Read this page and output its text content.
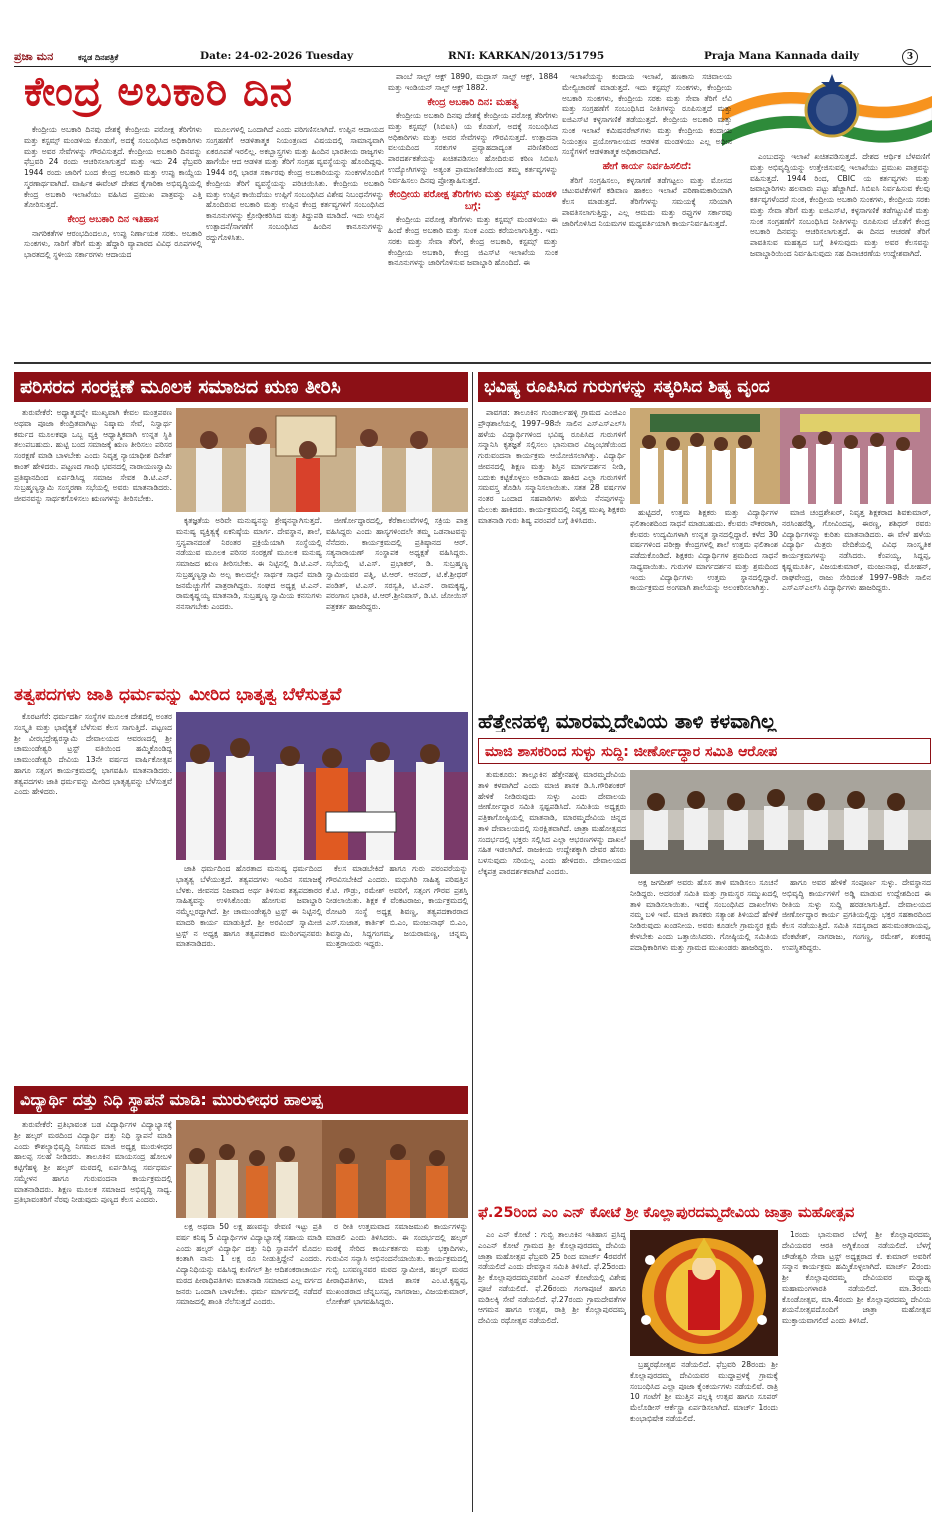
ಪ್ರಜಾ ಮನ	ಕನ್ನಡ ದಿನಪತ್ರಿಕೆ	Date: 24-02-2026 Tuesday	RNI: KARKAN/2013/51795	Praja Mana Kannada daily	3
ಕೇಂದ್ರ ಅಬಕಾರಿ ದಿನ

ಕೇಂದ್ರೀಯ ಅಬಕಾರಿ ದಿನವು ದೇಶಕ್ಕೆ ಕೇಂದ್ರೀಯ ಪರೋಕ್ಷ ತೆರಿಗೆಗಳು ಮತ್ತು ಕಸ್ಟಮ್ಸ್ ಮಂಡಳಿಯ ಕೊಡುಗೆ, ಅದಕ್ಕೆ ಸಂಬಂಧಿಸಿದ ಅಧಿಕಾರಿಗಳು ಮತ್ತು ಅವರ ಸೇವೆಗಳನ್ನು ಗೌರವಿಸುತ್ತದೆ. ಕೇಂದ್ರೀಯ ಅಬಕಾರಿ ದಿನವನ್ನು ಫೆಬ್ರವರಿ 24 ರಂದು ಆಚರಿಸಲಾಗುತ್ತದೆ ಮತ್ತು ಇದು 24 ಫೆಬ್ರವರಿ 1944 ರಂದು ಜಾರಿಗೆ ಬಂದ ಕೇಂದ್ರ ಅಬಕಾರಿ ಮತ್ತು ಉಪ್ಪು ಕಾಯ್ದೆಯ ಸ್ಮರಣಾರ್ಥವಾಗಿದೆ. ವಾರ್ಷಿಕ ಈವೆಂಟ್ ದೇಶದ ಕೈಗಾರಿಕಾ ಅಭಿವೃದ್ಧಿಯಲ್ಲಿ ಕೇಂದ್ರ ಅಬಕಾರಿ ಇಲಾಖೆಯು ವಹಿಸಿದ ಪ್ರಮುಖ ಪಾತ್ರವನ್ನು ಎತ್ತಿ ತೋರಿಸುತ್ತದೆ.

ಕೇಂದ್ರ ಅಬಕಾರಿ ದಿನ ಇತಿಹಾಸ

ನಾಗರಿಕತೆಗಳ ಆರಂಭದಿಂದಲೂ, ಉಪ್ಪು ನಿರ್ಣಾಯಕ ಸರಕು. ಅಬಕಾರಿ ಸುಂಕಗಳು, ಸಾರಿಗೆ ತೆರಿಗೆ ಮತ್ತು ಹೆದ್ದಾರಿ ವ್ಯಾಪಾರದ ವಿವಿಧ ರೂಪಗಳಲ್ಲಿ ಭಾರತದಲ್ಲಿ ಸ್ಥಳೀಯ ಸರ್ಕಾರಗಳು ಆದಾಯದ

ಮೂಲಗಳಲ್ಲಿ ಒಂದಾಗಿದೆ ಎಂದು ಪರಿಗಣಿಸಲಾಗಿದೆ. ಉಪ್ಪಿನ ಆದಾಯದ ಸಂಗ್ರಹಣೆಗೆ ಆಡಳಿತಾತ್ಮಕ ನಿಯಂತ್ರಣದ ವಿಷಯದಲ್ಲಿ ಸಾಮಾನ್ಯವಾಗಿ ಏಕರೂಪತೆ ಇರಲಿಲ್ಲ. ಅಕಬ್ಬಾಸ್ತ್ರಗಳು ಮತ್ತು ಹಿಂದಿನ ಭಾರತೀಯ ರಾಜ್ಯಗಳು ಹಾಗೆಯೇ ಆದ ಆಡಳಿತ ಮತ್ತು ತೆರಿಗೆ ಸಂಗ್ರಹ ವ್ಯವಸ್ಥೆಯನ್ನು ಹೊಂದಿದ್ದವು. 1944 ರಲ್ಲಿ ಭಾರತ ಸರ್ಕಾರವು ಕೇಂದ್ರ ಅಬಕಾರಿಯನ್ನು ಸುಂಕಗಳೊಂದಿಗೆ ಕೇಂದ್ರೀಯ ತೆರಿಗೆ ವ್ಯವಸ್ಥೆಯನ್ನು ಪರಿಚಯಿಸಿತು. ಕೇಂದ್ರೀಯ ಅಬಕಾರಿ ಮತ್ತು ಉಪ್ಪಿನ ಕಾಯಿದೆಯು ಉಪ್ಪಿಗೆ ಸಂಬಂಧಿಸಿದ ವಿಶೇಷ ನಿಬಂಧನೆಗಳನ್ನು ಹೊಂದಿರುವ ಅಬಕಾರಿ ಮತ್ತು ಉಪ್ಪಿನ ಕೇಂದ್ರ ಕರ್ತವ್ಯಗಳಿಗೆ ಸಂಬಂಧಿಸಿದ ಕಾನೂನುಗಳನ್ನು ಕ್ರೋಢೀಕರಿಸಿದ ಮತ್ತು ತಿದ್ದುಪಡಿ ಮಾಡಿದೆ. ಇದು ಉಪ್ಪಿನ ಉತ್ಪಾದನೆ/ಸಾಗಣೆಗೆ ಸಂಬಂಧಿಸಿದ ಹಿಂದಿನ ಕಾನೂನುಗಳನ್ನು ರದ್ದುಗೊಳಿಸಿತು.

ಪಾಂಬೆ ಸಾಲ್ಟ್ ಆಕ್ಟ್ 1890, ಮದ್ರಾಸ್ ಸಾಲ್ಟ್ ಆಕ್ಟ್, 1884 ಮತ್ತು ಇಂಡಿಯನ್ ಸಾಲ್ಟ್ ಆಕ್ಟ್ 1882.

ಕೇಂದ್ರ ಅಬಕಾರಿ ದಿನ: ಮಹತ್ವ

ಕೇಂದ್ರೀಯ ಅಬಕಾರಿ ದಿನವು ದೇಶಕ್ಕೆ ಕೇಂದ್ರೀಯ ಪರೋಕ್ಷ ತೆರಿಗೆಗಳು ಮತ್ತು ಕಸ್ಟಮ್ಸ್ (ಸಿಬಿಐಸಿ) ಯ ಕೊಡುಗೆ, ಅದಕ್ಕೆ ಸಂಬಂಧಿಸಿದ ಅಧಿಕಾರಿಗಳು ಮತ್ತು ಅವರ ಸೇವೆಗಳನ್ನು ಗೌರವಿಸುತ್ತದೆ. ಉತ್ಪಾದನಾ ವಲಯದಿಂದ ಸರಕುಗಳ ಪ್ರವ್ಯಾಹದಾದ್ಯಂತ ಪರಿಣಿತರಿಂದ ಪಾರದರ್ಶಕತೆಯನ್ನು ಖಚಿತಪಡಿಸಲು ಹೋದಿರುವ ಕಠಿಣ ಸಿಬಿಐಸಿ ಉದ್ಯೋಗಿಗಳನ್ನು ಅತ್ಯಂತ ಪ್ರಾಮಾಣಿಕತೆಯಿಂದ ತಮ್ಮ ಕರ್ತವ್ಯಗಳನ್ನು ನಿರ್ವಹಿಸಲು ದಿನವು ಪ್ರೋತ್ಸಾಹಿಸುತ್ತದೆ.

ಕೇಂದ್ರೀಯ ಪರೋಕ್ಷ ತೆರಿಗೆಗಳು ಮತ್ತು ಕಸ್ಟಮ್ಸ್ ಮಂಡಳಿ ಬಗ್ಗೆ:

ಕೇಂದ್ರೀಯ ಪರೋಕ್ಷ ತೆರಿಗೆಗಳು ಮತ್ತು ಕಸ್ಟಮ್ಸ್ ಮಂಡಳಿಯು ಈ ಹಿಂದೆ ಕೇಂದ್ರ ಅಬಕಾರಿ ಮತ್ತು ಸುಂಕ ಎಂದು ಕರೆಯಲಾಗುತ್ತಿತ್ತು. ಇದು ಸರಕು ಮತ್ತು ಸೇವಾ ತೆರಿಗೆ, ಕೇಂದ್ರ ಅಬಕಾರಿ, ಕಸ್ಟಮ್ಸ್ ಮತ್ತು ಕೇಂದ್ರೀಯ ಅಬಕಾರಿ, ಕೇಂದ್ರ ಜಿಎಸ್‌ಟಿ ಇಲಾಖೆಯ ಸುಂಕ ಕಾನೂನುಗಳನ್ನು ಜಾರಿಗೊಳಿಸುವ ಜವಾಬ್ದಾರಿ ಹೊಂದಿದೆ. ಈ

ಇಲಾಖೆಯನ್ನು ಕಂದಾಯ ಇಲಾಖೆ, ಹಣಕಾಸು ಸಚಿವಾಲಯ ಮೇಲ್ವಿಚಾರಣೆ ಮಾಡುತ್ತದೆ. ಇದು ಕಸ್ಟಮ್ಸ್ ಸುಂಕಗಳು, ಕೇಂದ್ರೀಯ ಅಬಕಾರಿ ಸುಂಕಗಳು, ಕೇಂದ್ರೀಯ ಸರಕು ಮತ್ತು ಸೇವಾ ತೆರಿಗೆ ಲೆವಿ ಮತ್ತು ಸಂಗ್ರಹಣೆಗೆ ಸಂಬಂಧಿಸಿದ ನೀತಿಗಳನ್ನು ರೂಪಿಸುತ್ತದೆ ಮತ್ತು ಐಜಿಎಸ್‌ಟಿ ಕಳ್ಳಸಾಗಣಿಕೆ ತಡೆಯುತ್ತದೆ. ಕೇಂದ್ರೀಯ ಅಬಕಾರಿ ಮತ್ತು ಸುಂಕ ಇಲಾಖೆ ಕಮಿಷನರೇಟ್‌ಗಳು ಮತ್ತು ಕೇಂದ್ರೀಯ ಕಂದಾಯ ನಿಯಂತ್ರಣ ಪ್ರಯೋಗಾಲಯದ ಆಡಳಿತ ಮಂಡಳಿಯು ಎಲ್ಲ ಅಧೀನ ಸಂಸ್ಥೆಗಳಿಗೆ ಆಡಳಿತಾತ್ಮಕ ಅಧಿಕಾರವಾಗಿದೆ.

ಹೇಗೆ ಕಾರ್ಯ ನಿರ್ವಹಿಸಲಿದೆ:

ತೆರಿಗೆ ಸಂಗ್ರಹಿಸಲು, ಕಳ್ಳಸಾಗಣೆ ತಡೆಗಟ್ಟಲು ಮತ್ತು ಮೋಸದ ಚಟುವಟಿಕೆಗಳಿಗೆ ಕಡಿವಾಣ ಹಾಕಲು ಇಲಾಖೆ ಪರಿಣಾಮಕಾರಿಯಾಗಿ ಕೆಲಸ ಮಾಡುತ್ತದೆ. ತೆರಿಗೆಗಳನ್ನು ಸಮಯಕ್ಕೆ ಸರಿಯಾಗಿ ಪಾವತಿಸಲಾಗುತ್ತಿದ್ದು, ಎಲ್ಲ ಆಮದು ಮತ್ತು ರಫ್ತುಗಳ ಸರ್ಕಾರವು ಜಾರಿಗೊಳಿಸಿದ ನಿಯಮಗಳ ಮಧ್ಯವರ್ತಿಯಾಗಿ ಕಾರ್ಯನಿರ್ವಹಿಸುತ್ತದೆ.

ಎಂಬುದನ್ನು ಇಲಾಖೆ ಖಚಿತಪಡಿಸುತ್ತದೆ. ದೇಶದ ಆರ್ಥಿಕ ಬೆಳವಣಿಗೆ ಮತ್ತು ಅಭಿವೃದ್ಧಿಯನ್ನು ಉತ್ತೇಜಿಸುವಲ್ಲಿ ಇಲಾಖೆಯು ಪ್ರಮುಖ ಪಾತ್ರವನ್ನು ವಹಿಸುತ್ತದೆ. 1944 ರಿಂದ, CBIC ಯ ಕರ್ತವ್ಯಗಳು ಮತ್ತು ಜವಾಬ್ದಾರಿಗಳು ಹಲವಾರು ಪಟ್ಟು ಹೆಚ್ಚಾಗಿದೆ. ಸಿಬಿಐಸಿ ನಿರ್ವಹಿಸುವ ಕೆಲವು ಕರ್ತವ್ಯಗಳೆಂದರೆ ಸುಂಕ, ಕೇಂದ್ರೀಯ ಅಬಕಾರಿ ಸುಂಕಗಳು, ಕೇಂದ್ರೀಯ ಸರಕು ಮತ್ತು ಸೇವಾ ತೆರಿಗೆ ಮತ್ತು ಐಜಿಎಸ್‌ಟಿ, ಕಳ್ಳಸಾಗಣಿಕೆ ತಡೆಗಟ್ಟುವಿಕೆ ಮತ್ತು ಸುಂಕ ಸಂಗ್ರಹಣೆಗೆ ಸಂಬಂಧಿಸಿದ ನೀತಿಗಳನ್ನು ರೂಪಿಸುವ ಜೊತೆಗೆ ಕೇಂದ್ರ ಅಬಕಾರಿ ದಿನವನ್ನು ಆಚರಿಸಲಾಗುತ್ತದೆ. ಈ ದಿನದ ಆಚರಣೆ ತೆರಿಗೆ ಪಾವತಿಸುವ ಮಹತ್ವದ ಬಗ್ಗೆ ತಿಳಿಸುವುದು ಮತ್ತು ಅವರ ಕೆಲಸವನ್ನು ಜವಾಬ್ದಾರಿಯಿಂದ ನಿರ್ವಹಿಸುವುದು ಸಹ ದಿನಾಚರಣೆಯ ಉದ್ದೇಶವಾಗಿದೆ.

ಪರಿಸರದ ಸಂರಕ್ಷಣೆ ಮೂಲಕ ಸಮಾಜದ ಋಣ ತೀರಿಸಿ

ತುರುವೇಕೆರೆ: ಅಧ್ಯಾತ್ಮವನ್ನೇ ಮುಖ್ಯವಾಗಿ ಕೇವಲ ಮಂತ್ರಪಠಣ ಅಥವಾ ಪೂಜಾ ಕೇಂದ್ರಿತವಾಗಿಟ್ಟು ನಿಷ್ಕಾಮ ಸೇವೆ, ನಿಸ್ವಾರ್ಥ ಕರ್ಮದ ಮೂಲಕವೂ ಒಬ್ಬ ವ್ಯಕ್ತಿ ಆಧ್ಯಾತ್ಮಿಕವಾಗಿ ಉನ್ನತ ಸ್ಥಿತಿ ತಲುಪಬಹುದು. ಹುಟ್ಟಿ ಬಂದ ಸಮಾಜಕ್ಕೆ ಋಣ ತೀರಿಸಲು ಪರಿಸರ ಸಂರಕ್ಷಣೆ ಮಾಡಿ ಬಾಳಬೇಕು ಎಂದು ನಿವೃತ್ತ ನ್ಯಾಯಾಧೀಶ ದಿನೇಶ್ ಕಾಂತ್ ಹೇಳಿದರು. ಪಟ್ಟಣದ ಗಾಂಧಿ ಭವನದಲ್ಲಿ ನಾರಾಯಣಸ್ವಾಮಿ ಪ್ರತಿಷ್ಠಾನದಿಂದ ಏರ್ಪಡಿಸಿದ್ದ ಸಮಾಜ ಸೇವಕ ಡಿ.ಟಿ.ಎನ್. ಸುಬ್ರಹ್ಮಣ್ಯಸ್ವಾಮಿ ಸಂಸ್ಮರಣಾ ಸಭೆಯಲ್ಲಿ ಅವರು ಮಾತನಾಡಿದರು. ಜೀವನವನ್ನು ಸಾರ್ಥಕಗೊಳಿಸಲು ಋಣಗಳನ್ನು ತೀರಿಸಬೇಕು.

ಕೃತಜ್ಞತೆಯ ಅರಿವೇ ಮನುಷ್ಯನನ್ನು ಶ್ರೇಷ್ಠನನ್ನಾಗಿಸುತ್ತದೆ. ಮನುಷ್ಯ ವ್ಯಕ್ತಿತ್ವಕ್ಕೆ ಏಕನಿಷ್ಠೆಯ ಮಾರ್ಗ. ದೇವಸ್ಥಾನ, ಶಾಲೆ, ಸ್ತನ್ಯಪಾನದಂತೆ ನಿರಂತರ ಪ್ರಕ್ರಿಯೆಯಾಗಿ ಸಂಸ್ಥೆಯಲ್ಲಿ ನಡೆಯುವ ಮೂಲಕ ಪರಿಸರ ಸಂರಕ್ಷಣೆ ಮೂಲಕ ಮನುಷ್ಯ ಸಮಾಜದ ಋಣ ತೀರಿಸಬೇಕು. ಈ ನಿಟ್ಟಿನಲ್ಲಿ ಡಿ.ಟಿ.ಎನ್. ಸುಬ್ರಹ್ಮಣ್ಯಸ್ವಾಮಿ ಅಲ್ಪ ಕಾಲದಲ್ಲೇ ಸಾರ್ಥಕ ಸಾಧನೆ ಮಾಡಿ ಜನಮೆಚ್ಚುಗೆಗೆ ಪಾತ್ರರಾಗಿದ್ದರು. ಸಂಘದ ಅಧ್ಯಕ್ಷ ಟಿ.ಎನ್. ರಾಮಕೃಷ್ಣಯ್ಯ ಮಾತನಾಡಿ, ಸುಬ್ರಹ್ಮಣ್ಯ ಸ್ವಾಮಿಯ ಕನಸುಗಳು ನನಸಾಗಬೇಕು ಎಂದರು.

ಜೀರ್ಣೋದ್ಧಾರದಲ್ಲಿ, ಕೆರೆಕಾಲುವೆಗಳಲ್ಲಿ ಸಕ್ರಿಯ ಪಾತ್ರ ವಹಿಸಿದ್ದರು ಎಂದು ಹಾಸ್ಯಗಳಿಂದಲೇ ತಮ್ಮ ಒಡನಾಟವನ್ನು ನೆನೆದರು. ಕಾರ್ಯಕ್ರಮದಲ್ಲಿ ಪ್ರತಿಷ್ಠಾನದ ಆರ್. ಸತ್ಯನಾರಾಯಣ್ ಸಂಸ್ಥಾಪಕ ಅಧ್ಯಕ್ಷತೆ ವಹಿಸಿದ್ದರು. ಸಭೆಯಲ್ಲಿ ಟಿ.ಎಸ್. ಪ್ರಭಾಕರ್, ಡಿ. ಸುಬ್ರಹ್ಮಣ್ಯ ಸ್ವಾಮಿಯವರ ಪತ್ನಿ, ಟಿ.ಆರ್. ಆನಂದ್, ಟಿ.ಕೆ.ಶ್ರೀಧರ್ ಪಂಡಿತ್, ಟಿ.ಎಸ್. ಸರಸ್ವತಿ, ಟಿ.ಎನ್. ರಾಮಕೃಷ್ಣ, ಪರಂಗಾಸ ಭಾರತಿ, ಟಿ.ಆರ್.ಶ್ರೀನಿವಾಸ್, ಡಿ.ಟಿ. ಜೋಯಿಸ್ ಪತ್ರಕರ್ತ ಹಾಜರಿದ್ದರು.

ತತ್ವಪದಗಳು ಜಾತಿ ಧರ್ಮವನ್ನು ಮೀರಿದ ಭಾತೃತ್ವ ಬೆಳೆಸುತ್ತವೆ

ಕೊರಟಗೆರೆ: ಧರ್ಮದರ್ಶಿ ಸಂಸ್ಥೆಗಳ ಮೂಲಕ ದೇಶದಲ್ಲಿ ಅಂತರ ಸಂಸ್ಕೃತಿ ಮತ್ತು ಭಾವೈಕ್ಯತೆ ಬೆಳೆಸುವ ಕೆಲಸ ಸಾಗುತ್ತಿದೆ. ಪಟ್ಟಣದ ಶ್ರೀ ವೀರಭದ್ರೇಶ್ವರಸ್ವಾಮಿ ದೇವಾಲಯದ ಆವರಣದಲ್ಲಿ ಶ್ರೀ ಚಾಮುಂಡೇಶ್ವರಿ ಟ್ರಸ್ಟ್ ವತಿಯಿಂದ ಹಮ್ಮಿಕೊಂಡಿದ್ದ ಚಾಮುಂಡೇಶ್ವರಿ ದೇವಿಯ 13ನೇ ವರ್ಷದ ವಾರ್ಷಿಕೋತ್ಸವ ಹಾಗೂ ಸತ್ಸಂಗ ಕಾರ್ಯಕ್ರಮದಲ್ಲಿ ಭಾಗವಹಿಸಿ ಮಾತನಾಡಿದರು. ತತ್ವಪದಗಳು ಜಾತಿ ಧರ್ಮವನ್ನು ಮೀರಿದ ಭಾತೃತ್ವವನ್ನು ಬೆಳೆಸುತ್ತವೆ ಎಂದು ಹೇಳಿದರು.

ಜಾತಿ ಧರ್ಮದಿಂದ ಹೊರತಾದ ಮನುಷ್ಯ ಧರ್ಮದಿಂದ ಭಾತೃತ್ವ ಬೆಳೆಯುತ್ತದೆ. ತತ್ವಪದಗಳು ಇಂದಿನ ಸಮಾಜಕ್ಕೆ ಬೆಳಕು. ಜೀವನದ ನಿಜವಾದ ಅರ್ಥ ತಿಳಿಸುವ ತತ್ವಪದಕಾರರ ಸಾಹಿತ್ಯವನ್ನು ಉಳಿಸಿಕೊಂಡು ಹೋಗುವ ಜವಾಬ್ದಾರಿ ನಮ್ಮೆಲ್ಲರದ್ದಾಗಿದೆ. ಶ್ರೀ ಚಾಮುಂಡೇಶ್ವರಿ ಟ್ರಸ್ಟ್ ಈ ನಿಟ್ಟಿನಲ್ಲಿ ಮಾದರಿ ಕಾರ್ಯ ಮಾಡುತ್ತಿದೆ. ಶ್ರೀ ಅರವಿಂದ್‌ ಸ್ವಾಮೀಜಿ ಟ್ರಸ್ಟ್ ನ ಅಧ್ಯಕ್ಷ ಹಾಗೂ ತತ್ವಪದಕಾರ ಮುರಿಂಗಪ್ಪನವರು ಮಾತನಾಡಿದರು.

ಕೆಲಸ ಮಾಡಬೇಕಿದೆ ಹಾಗೂ ಗುರು ಪರಂಪರೆಯನ್ನು ಗೌರವಿಸಬೇಕಿದೆ ಎಂದರು. ಮಧುಗಿರಿ ಸಾಹಿತ್ಯ ಪರಿಷತ್ತಿನ ಕೆ.ಟಿ. ಗೌಡ್ರು, ರಮೇಶ್ ಅವರಿಗೆ, ಸತ್ಸಂಗ ಗೌರವ ಪ್ರಶಸ್ತಿ ನೀಡಲಾಯಿತು. ಶಿಕ್ಷಕ ಕೆ ವೆಂಕಟರಾಜು, ಕಾರ್ಯಕ್ರಮದಲ್ಲಿ ರೋಟರಿ ಸಂಸ್ಥೆ ಅಧ್ಯಕ್ಷ ಶಿವಣ್ಣ, ತತ್ವಪದಕಾರರಾದ ಎಸ್.ಸುಜಾತ, ಕಾರ್ತಿಕ್ ಬಿ.ಎಂ, ಮಂಜುನಾಥ್ ಬಿ.ಎಂ, ಶಿವಸ್ವಾಮಿ, ಸಿದ್ದಗಂಗಮ್ಮ, ಜಯರಾಮಣ್ಣ, ಚನ್ನಮ್ಮ ಮುತ್ತರಾಯರು ಇದ್ದರು.

ವಿದ್ಯಾರ್ಥಿ ದತ್ತು ನಿಧಿ ಸ್ಥಾಪನೆ ಮಾಡಿ: ಮುರುಳೀಧರ ಹಾಲಪ್ಪ

ತುರುವೇಕೆರೆ: ಪ್ರತಿಭಾವಂತ ಬಡ ವಿದ್ಯಾರ್ಥಿಗಳ ವಿದ್ಯಾಭ್ಯಾಸಕ್ಕೆ ಶ್ರೀ ಹಲ್ಕರ್ ಮಠದಿಂದ ವಿದ್ಯಾರ್ಥಿ ದತ್ತು ನಿಧಿ ಸ್ಥಾಪನೆ ಮಾಡಿ ಎಂದು ಕೌಶಲ್ಯಾಭಿವೃದ್ಧಿ ನಿಗಮದ ಮಾಜಿ ಅಧ್ಯಕ್ಷ ಮುರುಳೀಧರ ಹಾಲಪ್ಪ ಸಲಹೆ ನೀಡಿದರು. ತಾಲೂಕಿನ ಮಾಯಸಂದ್ರ ಹೋಬಳಿ ಕಟ್ಟಿಗೆಹಳ್ಳಿ ಶ್ರೀ ಹಲ್ಕರ್ ಮಠದಲ್ಲಿ ಏರ್ಪಡಿಸಿದ್ದ ಸರ್ವಧರ್ಮ ಸಮ್ಮೇಳನ ಹಾಗೂ ಗುರುವಂದನಾ ಕಾರ್ಯಕ್ರಮದಲ್ಲಿ ಮಾತನಾಡಿದರು. ಶಿಕ್ಷಣ ಮೂಲಕ ಸಮಾಜದ ಅಭಿವೃದ್ಧಿ ಸಾಧ್ಯ. ಪ್ರತಿಭಾವಂತರಿಗೆ ನೆರವು ನೀಡುವುದು ಪುಣ್ಯದ ಕೆಲಸ ಎಂದರು.

ಲಕ್ಷ ಅಥವಾ 50 ಲಕ್ಷ ಹಣವನ್ನು ಠೇವಣಿ ಇಟ್ಟು ಪ್ರತಿ ವರ್ಷ ಕನಿಷ್ಠ 5 ವಿದ್ಯಾರ್ಥಿಗಳ ವಿದ್ಯಾಭ್ಯಾಸಕ್ಕೆ ಸಹಾಯ ಮಾಡಿ ಎಂದು ಹಲ್ಕರ್ ವಿದ್ಯಾರ್ಥಿ ದತ್ತು ನಿಧಿ ಸ್ಥಾಪನೆಗೆ ಮೊದಲ ಕಂತಾಗಿ ನಾನು 1 ಲಕ್ಷ ರೂ ನೀಡುತ್ತಿದ್ದೇನೆ ಎಂದರು. ವಿದ್ಯಾನಿಧಿಯನ್ನು ವಹಿಸಿದ್ದ ಕುಣಿಗಲ್ ಶ್ರೀ ಆದಿಶಂಕರಾಚಾರ್ಯ ಮಠದ ಪೀಠಾಧಿಪತಿಗಳು ಮಾತನಾಡಿ ಸಮಾಜದ ಎಲ್ಲ ವರ್ಗದ ಜನರು ಒಂದಾಗಿ ಬಾಳಬೇಕು. ಧರ್ಮ ಮಾರ್ಗದಲ್ಲಿ ನಡೆದರೆ ಸಮಾಜದಲ್ಲಿ ಶಾಂತಿ ನೆಲೆಸುತ್ತದೆ ಎಂದರು.

ರ ರೀತಿ ಉತ್ತಮವಾದ ಸಮಾಜಮುಖಿ ಕಾರ್ಯಗಳನ್ನು ಮಾಡಲಿ ಎಂದು ತಿಳಿಸಿದರು. ಈ ಸಂದರ್ಭದಲ್ಲಿ ಹಲ್ಕರ್ ಮಠಕ್ಕೆ ಸೇರಿದ ಕಾರ್ಯಕರ್ತರು ಮತ್ತು ಭಕ್ತಾದಿಗಳು, ಗುರುವಿನ ಸನ್ಯಾಸಿ ಅಭಿನಂದನೆಯಾಯಿತು. ಕಾರ್ಯಕ್ರಮದಲ್ಲಿ ಗುಬ್ಬಿ ಬಸವಣ್ಣನವರ ಮಠದ ಸ್ವಾಮೀಜಿ, ಹಲ್ಕರ್ ಮಠದ ಪೀಠಾಧಿಪತಿಗಳು, ಮಾಜಿ ಶಾಸಕ ಎಂ.ಟಿ.ಕೃಷ್ಣಪ್ಪ, ಮುಖಂಡರಾದ ಚೆನ್ನಬಸಪ್ಪ, ನಾಗರಾಜು, ವಿಜಯಕುಮಾರ್, ಲೋಕೇಶ್ ಭಾಗವಹಿಸಿದ್ದರು.

ಭವಿಷ್ಯ ರೂಪಿಸಿದ ಗುರುಗಳನ್ನು ಸತ್ಕರಿಸಿದ ಶಿಷ್ಯ ವೃಂದ

ಪಾವಗಡ: ತಾಲೂಕಿನ ಗುಂಡಾರ್ಲಹಳ್ಳಿ ಗ್ರಾಮದ ಎಂಜಿಎಂ ಪ್ರೌಢಶಾಲೆಯಲ್ಲಿ 1997–98ನೇ ಸಾಲಿನ ಎಸ್‌ಎಸ್‌ಎಲ್‌ಸಿ ಹಳೆಯ ವಿದ್ಯಾರ್ಥಿಗಳಿಂದ ಭವಿಷ್ಯ ರೂಪಿಸಿದ ಗುರುಗಳಿಗೆ ಸನ್ಮಾನಿಸಿ ಕೃತಜ್ಞತೆ ಸಲ್ಲಿಸಲು ಭಾನುವಾರ ವಿಜೃಂಭಣೆಯಿಂದ ಗುರುವಂದನಾ ಕಾರ್ಯಕ್ರಮ ಆಯೋಜಿಸಲಾಗಿತ್ತು. ವಿದ್ಯಾರ್ಥಿ ಜೀವನದಲ್ಲಿ ಶಿಕ್ಷಣ ಮತ್ತು ಶಿಸ್ತಿನ ಮಾರ್ಗದರ್ಶನ ನೀಡಿ, ಬದುಕು ಕಟ್ಟಿಕೊಳ್ಳಲು ಅಡಿಪಾಯ ಹಾಕಿದ ಎಲ್ಲಾ ಗುರುಗಳಿಗೆ ಸಮವಸ್ತ್ರ ತೊಡಿಸಿ ಸನ್ಮಾನಿಸಲಾಯಿತು. ಸತತ 28 ವರ್ಷಗಳ ನಂತರ ಒಂದಾದ ಸಹಪಾಠಿಗಳು ಹಳೆಯ ನೆನಪುಗಳನ್ನು ಮೆಲುಕು ಹಾಕಿದರು. ಕಾರ್ಯಕ್ರಮದಲ್ಲಿ ನಿವೃತ್ತ ಮುಖ್ಯ ಶಿಕ್ಷಕರು ಮಾತನಾಡಿ ಗುರು ಶಿಷ್ಯ ಪರಂಪರೆ ಬಗ್ಗೆ ತಿಳಿಸಿದರು.

ಹುಟ್ಟಿದರೆ, ಉತ್ತಮ ಶಿಕ್ಷಕರು ಮತ್ತು ವಿದ್ಯಾರ್ಥಿಗಳ ಫಲಿತಾಂಶದಿಂದ ಸಾಧನೆ ಮಾಡಬಹುದು. ಕೆಲವರು ನೌಕರರಾಗಿ, ಕೆಲವರು ಉದ್ಯಮಿಗಳಾಗಿ ಉನ್ನತ ಸ್ಥಾನದಲ್ಲಿದ್ದಾರೆ. ಕಳೆದ 30 ವರ್ಷಗಳಿಂದ ಪರೀಕ್ಷಾ ಕೇಂದ್ರಗಳಲ್ಲಿ ಶಾಲೆ ಉತ್ತಮ ಫಲಿತಾಂಶ ಪಡೆದುಕೊಂಡಿದೆ. ಶಿಕ್ಷಕರು ವಿದ್ಯಾರ್ಥಿಗಳ ಶ್ರಮದಿಂದ ಸಾಧನೆ ಸಾಧ್ಯವಾಯಿತು. ಗುರುಗಳ ಮಾರ್ಗದರ್ಶನ ಮತ್ತು ಶ್ರಮದಿಂದ ಇಂದು ವಿದ್ಯಾರ್ಥಿಗಳು ಉತ್ತಮ ಸ್ಥಾನದಲ್ಲಿದ್ದಾರೆ. ಕಾರ್ಯಕ್ರಮದ ಅಂಗವಾಗಿ ಶಾಲೆಯನ್ನು ಅಲಂಕರಿಸಲಾಗಿತ್ತು.

ಮಾಜಿ ಚಂದ್ರಶೇಖರ್, ನಿವೃತ್ತ ಶಿಕ್ಷಕರಾದ ಶಿವಕುಮಾರ್, ನರಸಿಂಹರೆಡ್ಡಿ, ಗೋವಿಂದಪ್ಪ, ಈರಣ್ಣ, ಶಶಿಧರ್ ರವರು ವಿದ್ಯಾರ್ಥಿಗಳನ್ನು ಕುರಿತು ಮಾತನಾಡಿದರು. ಈ ವೇಳೆ ಹಳೆಯ ವಿದ್ಯಾರ್ಥಿ ಮಿತ್ರರು ವೇದಿಕೆಯಲ್ಲಿ ವಿವಿಧ ಸಾಂಸ್ಕೃತಿಕ ಕಾರ್ಯಕ್ರಮಗಳನ್ನು ನಡೆಸಿದರು. ಕೆಂಪಯ್ಯ, ಸಿದ್ದಪ್ಪ, ಕೃಷ್ಣಮೂರ್ತಿ, ವಿಜಯಕುಮಾರ್, ಮಂಜುನಾಥ, ಮೋಹನ್, ರಾಘವೇಂದ್ರ, ರಾಜು ಸೇರಿದಂತೆ 1997–98ನೇ ಸಾಲಿನ ಎಸ್‌ಎಸ್‌ಎಲ್‌ಸಿ ವಿದ್ಯಾರ್ಥಿಗಳು ಹಾಜರಿದ್ದರು.

ಹೆತ್ತೇನಹಳ್ಳಿ ಮಾರಮ್ಮದೇವಿಯ ತಾಳಿ ಕಳವಾಗಿಲ್ಲ
ಮಾಜಿ ಶಾಸಕರಿಂದ ಸುಳ್ಳು ಸುದ್ದಿ: ಜೀರ್ಣೋದ್ಧಾರ ಸಮಿತಿ ಆರೋಪ

ತುಮಕೂರು: ತಾಲ್ಲೂಕಿನ ಹೆತ್ತೇನಹಳ್ಳಿ ಮಾರಮ್ಮದೇವಿಯ ತಾಳಿ ಕಳವಾಗಿದೆ ಎಂದು ಮಾಜಿ ಶಾಸಕ ಡಿ.ಸಿ.ಗೌರಿಶಂಕರ್ ಹೇಳಿಕೆ ನೀಡಿರುವುದು ಸುಳ್ಳು ಎಂದು ದೇವಾಲಯ ಜೀರ್ಣೋದ್ಧಾರ ಸಮಿತಿ ಸ್ಪಷ್ಟಪಡಿಸಿದೆ. ಸಮಿತಿಯ ಅಧ್ಯಕ್ಷರು ಪತ್ರಿಕಾಗೋಷ್ಠಿಯಲ್ಲಿ ಮಾತನಾಡಿ, ಮಾರಮ್ಮದೇವಿಯ ಚಿನ್ನದ ತಾಳಿ ದೇವಾಲಯದಲ್ಲಿ ಸುರಕ್ಷಿತವಾಗಿದೆ. ಜಾತ್ರಾ ಮಹೋತ್ಸವದ ಸಂದರ್ಭದಲ್ಲಿ ಭಕ್ತರು ಸಲ್ಲಿಸಿದ ಎಲ್ಲಾ ಆಭರಣಗಳನ್ನು ದಾಖಲೆ ಸಹಿತ ಇಡಲಾಗಿದೆ. ರಾಜಕೀಯ ಉದ್ದೇಶಕ್ಕಾಗಿ ದೇವರ ಹೆಸರು ಬಳಸುವುದು ಸರಿಯಲ್ಲ ಎಂದು ಹೇಳಿದರು. ದೇವಾಲಯದ ಲೆಕ್ಕಪತ್ರ ಪಾರದರ್ಶಕವಾಗಿದೆ ಎಂದರು.

ಅಕ್ಷ ಜಗದೀಶ್ ಅವರು ಹೊಸ ತಾಳಿ ಮಾಡಿಸಲು ಸೂಚನೆ ನೀಡಿದ್ದರು. ಅದರಂತೆ ಸಮಿತಿ ಮತ್ತು ಗ್ರಾಮಸ್ಥರ ಸಮ್ಮುಖದಲ್ಲಿ ತಾಳಿ ಮಾಡಿಸಲಾಯಿತು. ಇದಕ್ಕೆ ಸಂಬಂಧಿಸಿದ ದಾಖಲೆಗಳು ನಮ್ಮ ಬಳಿ ಇವೆ. ಮಾಜಿ ಶಾಸಕರು ಸತ್ಯಾಂಶ ತಿಳಿಯದೆ ಹೇಳಿಕೆ ನೀಡಿರುವುದು ಖಂಡನೀಯ. ಅವರು ಕೂಡಲೇ ಗ್ರಾಮಸ್ಥರ ಕ್ಷಮೆ ಕೇಳಬೇಕು ಎಂದು ಒತ್ತಾಯಿಸಿದರು. ಗೋಷ್ಠಿಯಲ್ಲಿ ಸಮಿತಿಯ ಪದಾಧಿಕಾರಿಗಳು ಮತ್ತು ಗ್ರಾಮದ ಮುಖಂಡರು ಹಾಜರಿದ್ದರು.

ಹಾಗೂ ಅವರ ಹೇಳಿಕೆ ಸಂಪೂರ್ಣ ಸುಳ್ಳು. ದೇವಸ್ಥಾನದ ಅಭಿವೃದ್ಧಿ ಕಾರ್ಯಗಳಿಗೆ ಅಡ್ಡಿ ಮಾಡುವ ಉದ್ದೇಶದಿಂದ ಈ ರೀತಿಯ ಸುಳ್ಳು ಸುದ್ದಿ ಹರಡಲಾಗುತ್ತಿದೆ. ದೇವಾಲಯದ ಜೀರ್ಣೋದ್ಧಾರ ಕಾರ್ಯ ಪ್ರಗತಿಯಲ್ಲಿದ್ದು ಭಕ್ತರ ಸಹಕಾರದಿಂದ ಕೆಲಸ ನಡೆಯುತ್ತಿದೆ. ಸಮಿತಿ ಸದಸ್ಯರಾದ ಹನುಮಂತರಾಯಪ್ಪ, ವೆಂಕಟೇಶ್, ನಾಗರಾಜು, ಗಂಗಣ್ಣ, ರಮೇಶ್, ಶಂಕರಪ್ಪ ಉಪಸ್ಥಿತರಿದ್ದರು.

ಫೆ.25ರಿಂದ ಎಂ ಎನ್ ಕೋಟೆ ಶ್ರೀ ಕೊಲ್ಲಾಪುರದಮ್ಮದೇವಿಯ ಜಾತ್ರಾ ಮಹೋತ್ಸವ

ಎಂ ಎನ್ ಕೋಟೆ : ಗುಬ್ಬಿ ತಾಲೂಕಿನ ಇತಿಹಾಸ ಪ್ರಸಿದ್ಧ ಎಂಎನ್ ಕೋಟೆ ಗ್ರಾಮದ ಶ್ರೀ ಕೊಲ್ಲಾಪುರದಮ್ಮ ದೇವಿಯ ಜಾತ್ರಾ ಮಹೋತ್ಸವ ಫೆಬ್ರವರಿ 25 ರಿಂದ ಮಾರ್ಚ್ 4ರವರೆಗೆ ನಡೆಯಲಿದೆ ಎಂದು ದೇವಸ್ಥಾನ ಸಮಿತಿ ತಿಳಿಸಿದೆ. ಫೆ.25ರಂದು ಶ್ರೀ ಕೊಲ್ಲಾಪುರದಮ್ಮನವರಿಗೆ ಎಂಎನ್ ಕೋಟೆಯಲ್ಲಿ ವಿಶೇಷ ಪೂಜೆ ನಡೆಯಲಿದೆ. ಫೆ.26ರಂದು ಗಂಗಾಪೂಜೆ ಹಾಗೂ ಮಡಿಲಕ್ಕಿ ಸೇವೆ ನಡೆಯಲಿದೆ. ಫೆ.27ರಂದು ಗ್ರಾಮದೇವತೆಗಳ ಆಗಮನ ಹಾಗೂ ಉತ್ಸವ, ರಾತ್ರಿ ಶ್ರೀ ಕೊಲ್ಲಾಪುರದಮ್ಮ ದೇವಿಯ ರಥೋತ್ಸವ ನಡೆಯಲಿದೆ.

ಬ್ರಹ್ಮರಥೋತ್ಸವ ನಡೆಯಲಿದೆ. ಫೆಬ್ರವರಿ 28ರಂದು ಶ್ರೀ ಕೊಲ್ಲಾಪುರದಮ್ಮ ದೇವಿಯವರ ಮುದ್ದಾಪ್ರಳಕ್ಕೆ ಗ್ರಾಮಕ್ಕೆ ಸಂಬಂಧಿಸಿದ ಎಲ್ಲಾ ಪೂಜಾ ಕೈಂಕರ್ಯಗಳು ನಡೆಯಲಿವೆ. ರಾತ್ರಿ 10 ಗಂಟೆಗೆ ಶ್ರೀ ಮುತ್ತಿನ ಪಲ್ಲಕ್ಕಿ ಉತ್ಸವ ಹಾಗೂ ಸೂಪರ್ ಮೆಲೊಡೀಸ್ ಆರ್ಕೆಸ್ಟ್ರಾ ಏರ್ಪಡಿಸಲಾಗಿದೆ. ಮಾರ್ಚ್ 1ರಂದು ಕುಂಭಾಭಿಷೇಕ ನಡೆಯಲಿದೆ.

1ರಂದು ಭಾನುವಾರ ಬೆಳಗ್ಗೆ ಶ್ರೀ ಕೊಲ್ಲಾಪುರದಮ್ಮ ದೇವಿಯವರ ಆರತಿ ಅಗ್ನಿಕೊಂಡ ನಡೆಯಲಿದೆ. ಬೆಳಗ್ಗೆ ಚೌಡೇಶ್ವರಿ ಸೇವಾ ಟ್ರಸ್ಟ್ ಅಧ್ಯಕ್ಷರಾದ ಕೆ. ಕುಮಾರ್ ಅವರಿಗೆ ಸನ್ಮಾನ ಕಾರ್ಯಕ್ರಮ ಹಮ್ಮಿಕೊಳ್ಳಲಾಗಿದೆ. ಮಾರ್ಚ್ 2ರಂದು ಶ್ರೀ ಕೊಲ್ಲಾಪುರದಮ್ಮ ದೇವಿಯವರ ಮಧ್ಯಾಹ್ನ ಮಹಾಮಂಗಳಾರತಿ ನಡೆಯಲಿದೆ. ಮಾ.3ರಂದು ಕೊಂಡೋತ್ಸವ, ಮಾ.4ರಂದು ಶ್ರೀ ಕೊಲ್ಲಾಪುರದಮ್ಮ ದೇವಿಯ ಶಯನೋತ್ಸವದೊಂದಿಗೆ ಜಾತ್ರಾ ಮಹೋತ್ಸವ ಮುಕ್ತಾಯವಾಗಲಿದೆ ಎಂದು ತಿಳಿಸಿದೆ.
